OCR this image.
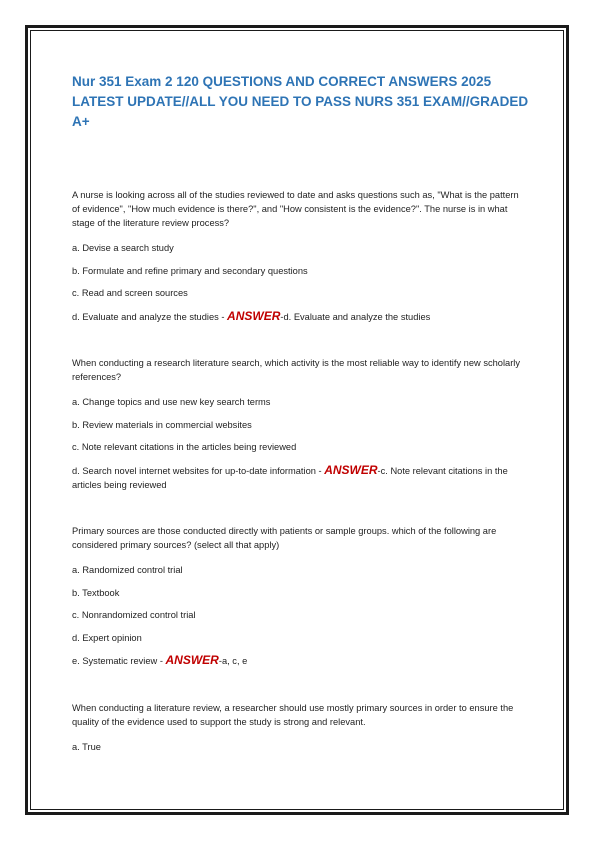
Nur 351 Exam 2 120 QUESTIONS AND CORRECT ANSWERS 2025 LATEST UPDATE//ALL YOU NEED TO PASS NURS 351 EXAM//GRADED A+

A nurse is looking across all of the studies reviewed to date and asks questions such as, "What is the pattern of evidence", "How much evidence is there?", and "How consistent is the evidence?". The nurse is in what stage of the literature review process?

a. Devise a search study

b. Formulate and refine primary and secondary questions

c. Read and screen sources

d. Evaluate and analyze the studies - ANSWER-d. Evaluate and analyze the studies

When conducting a research literature search, which activity is the most reliable way to identify new scholarly references?

a. Change topics and use new key search terms

b. Review materials in commercial websites

c. Note relevant citations in the articles being reviewed

d. Search novel internet websites for up-to-date information - ANSWER-c. Note relevant citations in the articles being reviewed

Primary sources are those conducted directly with patients or sample groups. which of the following are considered primary sources? (select all that apply)

a. Randomized control trial

b. Textbook

c. Nonrandomized control trial

d. Expert opinion

e. Systematic review - ANSWER-a, c, e

When conducting a literature review, a researcher should use mostly primary sources in order to ensure the quality of the evidence used to support the study is strong and relevant.

a. True
